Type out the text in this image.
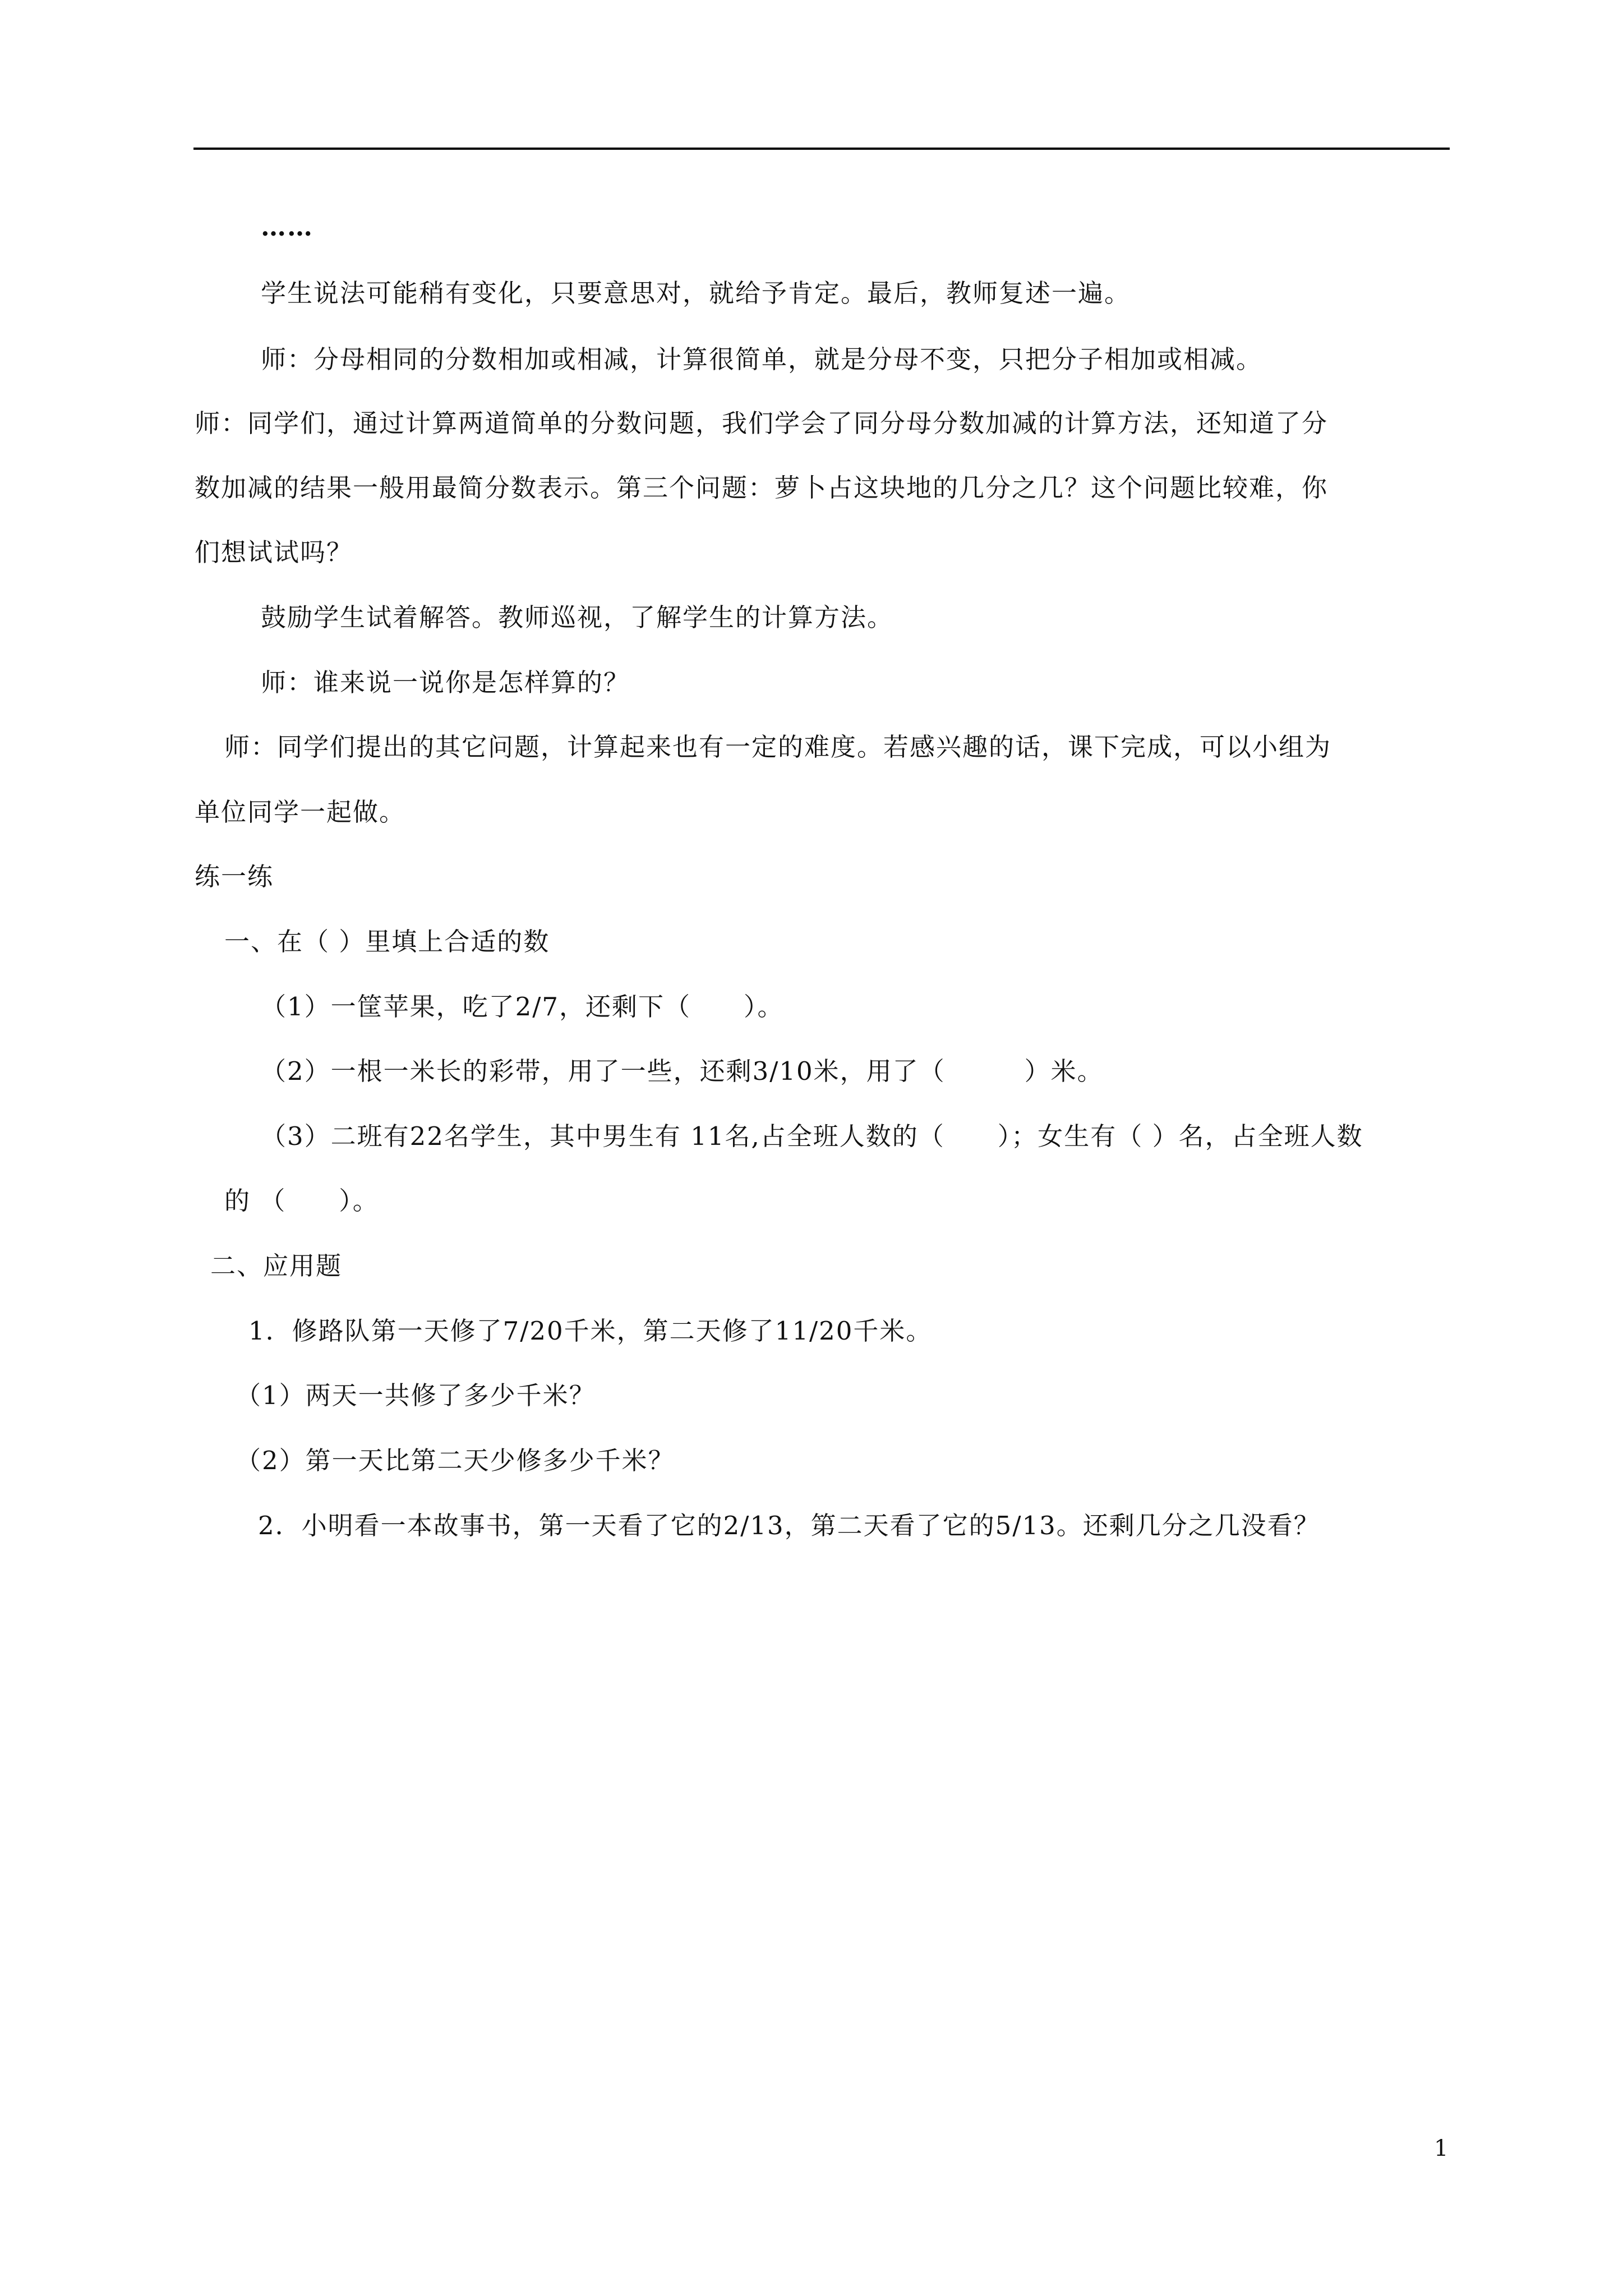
……
学生说法可能稍有变化，只要意思对，就给予肯定。最后，教师复述一遍。
师：分母相同的分数相加或相减，计算很简单，就是分母不变，只把分子相加或相减。
师：同学们，通过计算两道简单的分数问题，我们学会了同分母分数加减的计算方法，还知道了分
数加减的结果一般用最简分数表示。第三个问题：萝卜占这块地的几分之几？这个问题比较难，你
们想试试吗？
鼓励学生试着解答。教师巡视，了解学生的计算方法。
师：谁来说一说你是怎样算的？
师：同学们提出的其它问题，计算起来也有一定的难度。若感兴趣的话，课下完成，可以小组为
单位同学一起做。
练一练
一、在（ ）里填上合适的数
（1）一筐苹果，吃了2/7，还剩下（　　）。
（2）一根一米长的彩带，用了一些，还剩3/10米，用了（　　　）米。
（3）二班有22名学生，其中男生有 11名,占全班人数的（　　）；女生有（ ）名，占全班人数
的 （　　）。
二、应用题
1．修路队第一天修了7/20千米，第二天修了11/20千米。
（1）两天一共修了多少千米？
（2）第一天比第二天少修多少千米？
2．小明看一本故事书，第一天看了它的2/13，第二天看了它的5/13。还剩几分之几没看？
1
